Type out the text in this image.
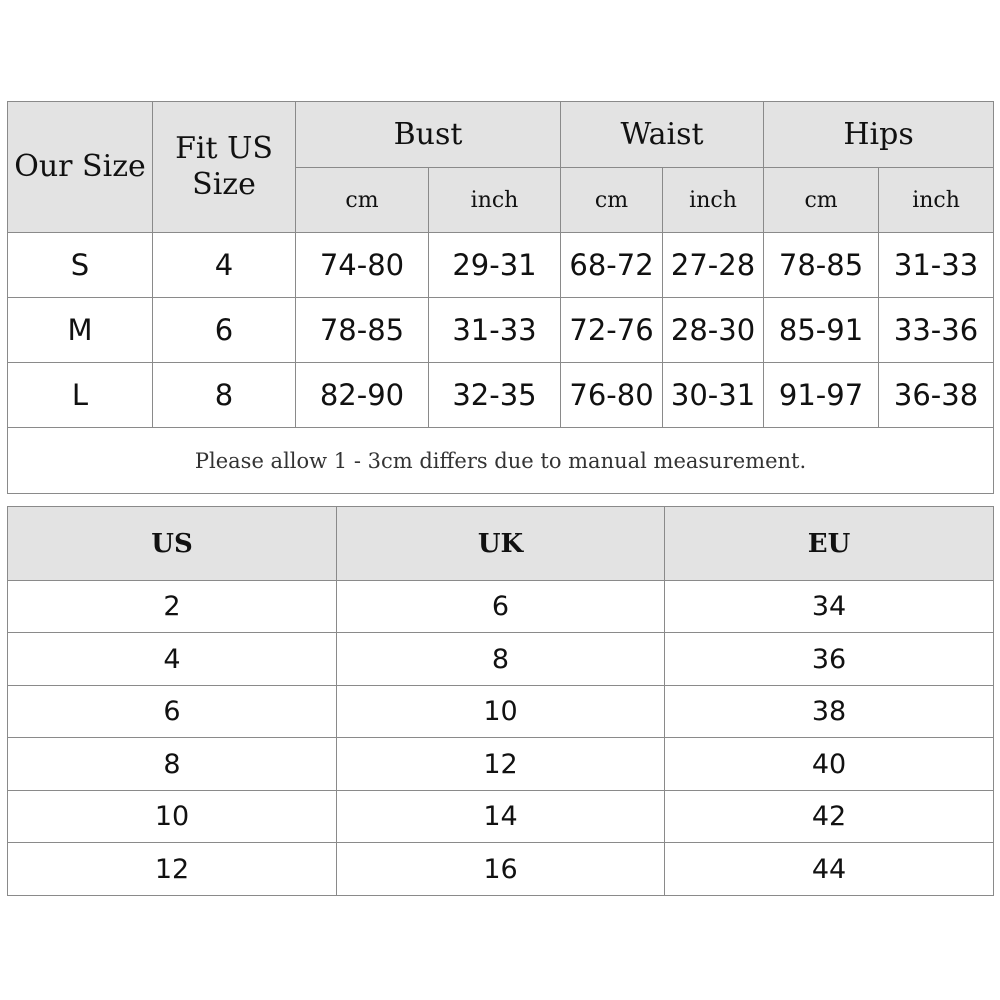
Our Size	Fit US Size	Bust		Waist		Hips	
		cm	inch	cm	inch	cm	inch
S	4	74-80	29-31	68-72	27-28	78-85	31-33
M	6	78-85	31-33	72-76	28-30	85-91	33-36
L	8	82-90	32-35	76-80	30-31	91-97	36-38
Please allow 1 - 3cm differs due to manual measurement.							
US	UK	EU
2	6	34
4	8	36
6	10	38
8	12	40
10	14	42
12	16	44
